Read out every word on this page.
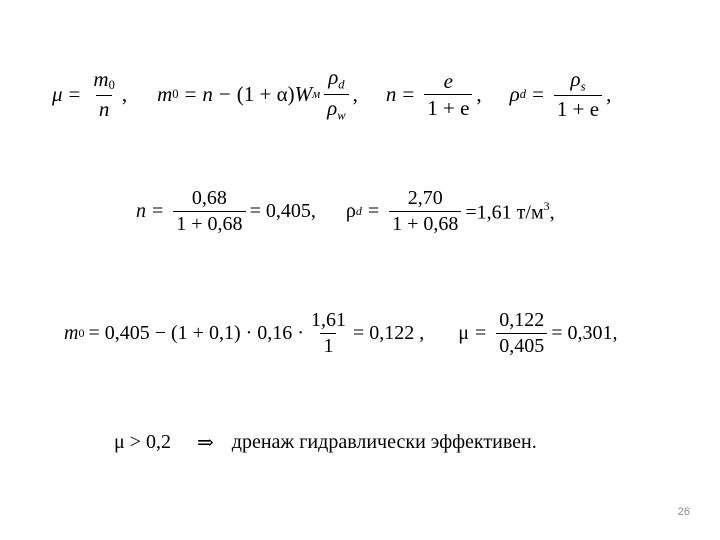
$\mu = \frac{m0}{n}$ , m 0 = n − (1 + α) W м $\frac{\rho_d}{\rho_w}$ , $n = \frac{e}{1 + e}$ , ρ $d = \frac{\rho_s}{1 + e}$ ,
$n = \frac{0,68}{1 + 0,68} = 0,405$, ρ $d = \frac{2,70}{1 + 0,68} =1,61$ $т/м^3$,
m $0 = 0,405 - (1 + 0,1) \cdot 0,16 \cdot \frac{1,61}{1} = 0,122$ , $\mu = \frac{0,122}{0,405} = 0,301$,
μ > 0,2 ⇒ дренаж гидравлически эффективен.
26
